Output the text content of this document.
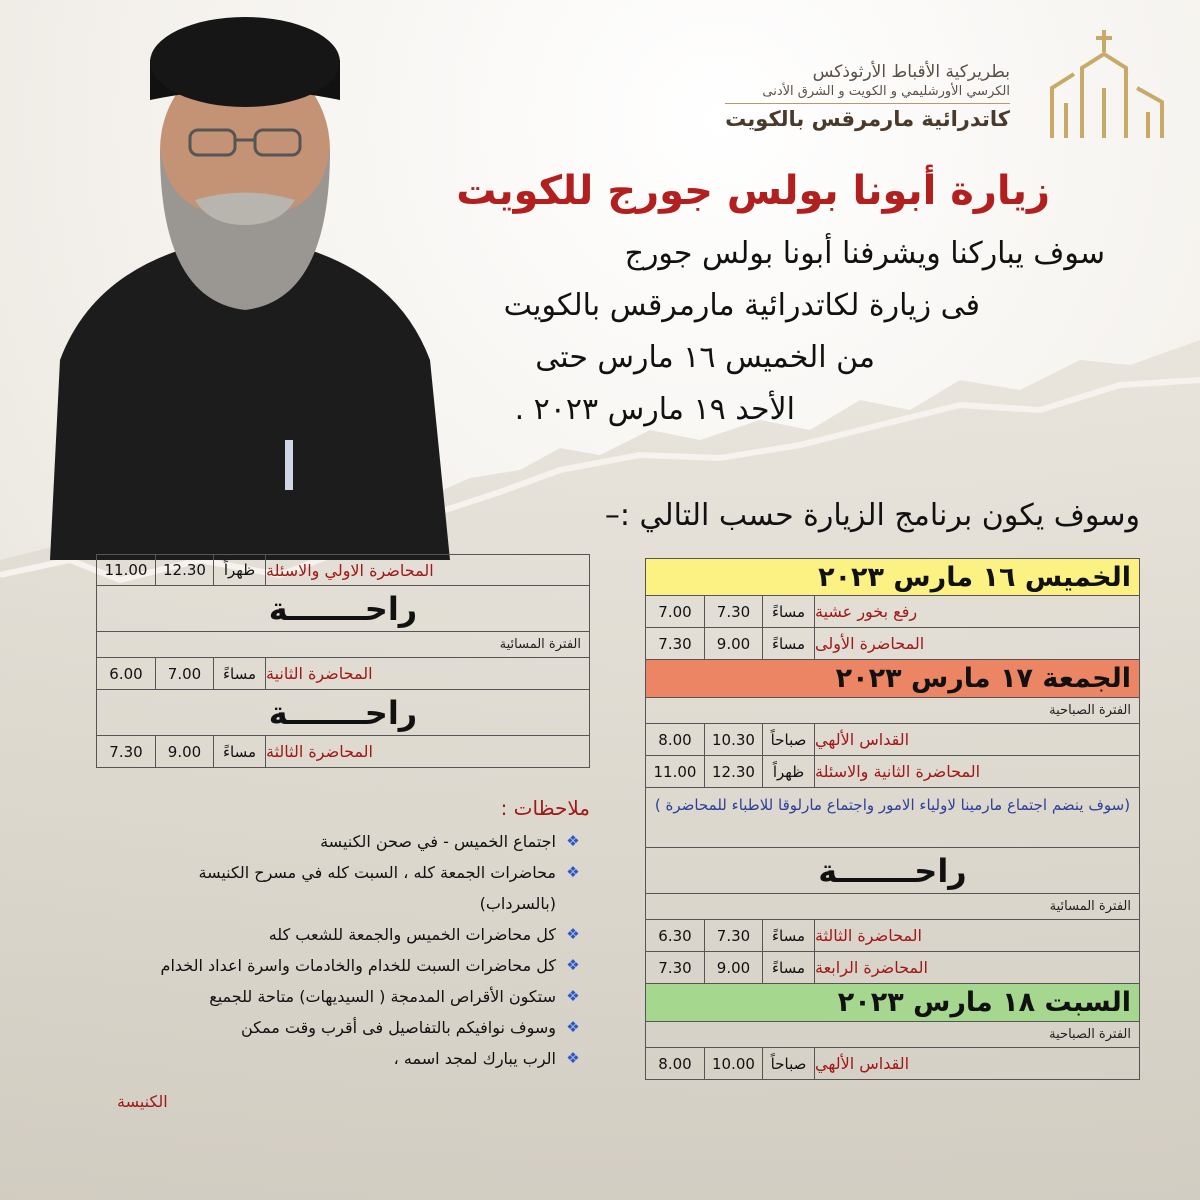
بطريركية الأقباط الأرثوذكس
الكرسي الأورشليمي و الكويت و الشرق الأدنى
كاتدرائية مارمرقس بالكويت
زيارة أبونا بولس جورج للكويت
سوف يباركنا ويشرفنا أبونا بولس جورج
فى زيارة لكاتدرائية مارمرقس بالكويت
من الخميس ١٦ مارس حتى
الأحد ١٩ مارس ٢٠٢٣ .
وسوف يكون برنامج الزيارة حسب التالي :–
الخميس ١٦ مارس ٢٠٢٣
7.00	7.30	مساءً رفع بخور عشية
7.30	9.00	مساءً المحاضرة الأولى
الجمعة ١٧ مارس ٢٠٢٣
الفترة الصباحية
8.00	10.30	صباحاً القداس الألهي
11.00	12.30	ظهراً المحاضرة الثانية والاسئلة
(سوف ينضم اجتماع مارمينا لاولياء الامور واجتماع مارلوقا للاطباء للمحاضرة )
راحـــــــة
الفترة المسائية
6.30	7.30	مساءً المحاضرة الثالثة
7.30	9.00	مساءً المحاضرة الرابعة
السبت ١٨ مارس ٢٠٢٣
الفترة الصباحية
8.00	10.00	صباحاً القداس الألهي
11.00	12.30	ظهراً المحاضرة الاولي والاسئلة
راحـــــــة
الفترة المسائية
6.00	7.00	مساءً المحاضرة الثانية
راحـــــــة
7.30	9.00	مساءً المحاضرة الثالثة
ملاحظات :
❖
اجتماع الخميس - في صحن الكنيسة
❖
محاضرات الجمعة كله ، السبت كله في مسرح الكنيسة
(بالسرداب)
❖
كل محاضرات الخميس والجمعة للشعب كله
❖
كل محاضرات السبت للخدام والخادمات واسرة اعداد الخدام
❖
ستكون الأقراص المدمجة ( السيديهات) متاحة للجميع
❖
وسوف نوافيكم بالتفاصيل فى أقرب وقت ممكن
❖
الرب يبارك لمجد اسمه ،
الكنيسة
